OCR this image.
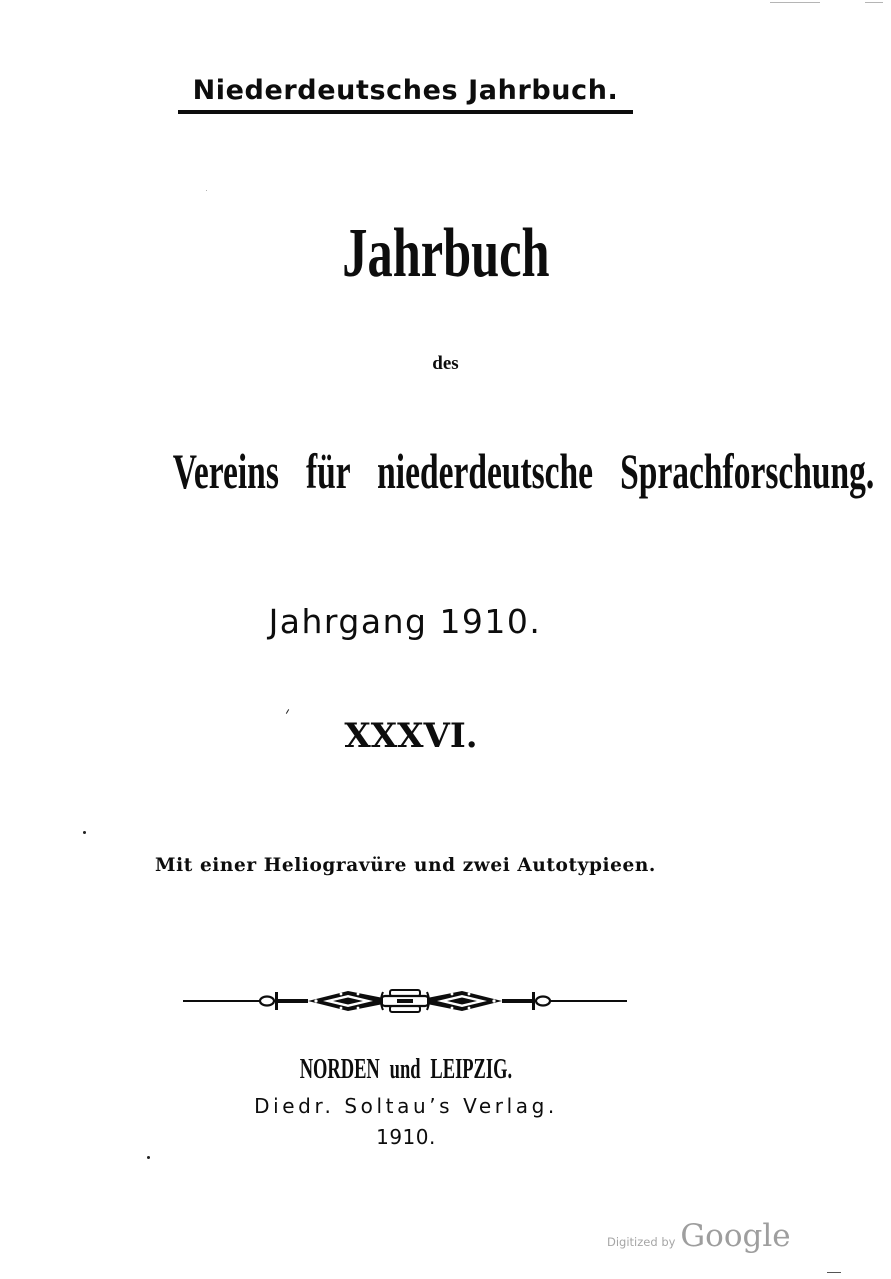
Niederdeutsches Jahrbuch.
Jahrbuch
des
Vereins für niederdeutsche Sprachforschung.
Jahrgang 1910.
XXXVI.
Mit einer Heliogravüre und zwei Autotypieen.
NORDEN und LEIPZIG.
Diedr. Soltau’s Verlag.
1910.
Digitized by Google
